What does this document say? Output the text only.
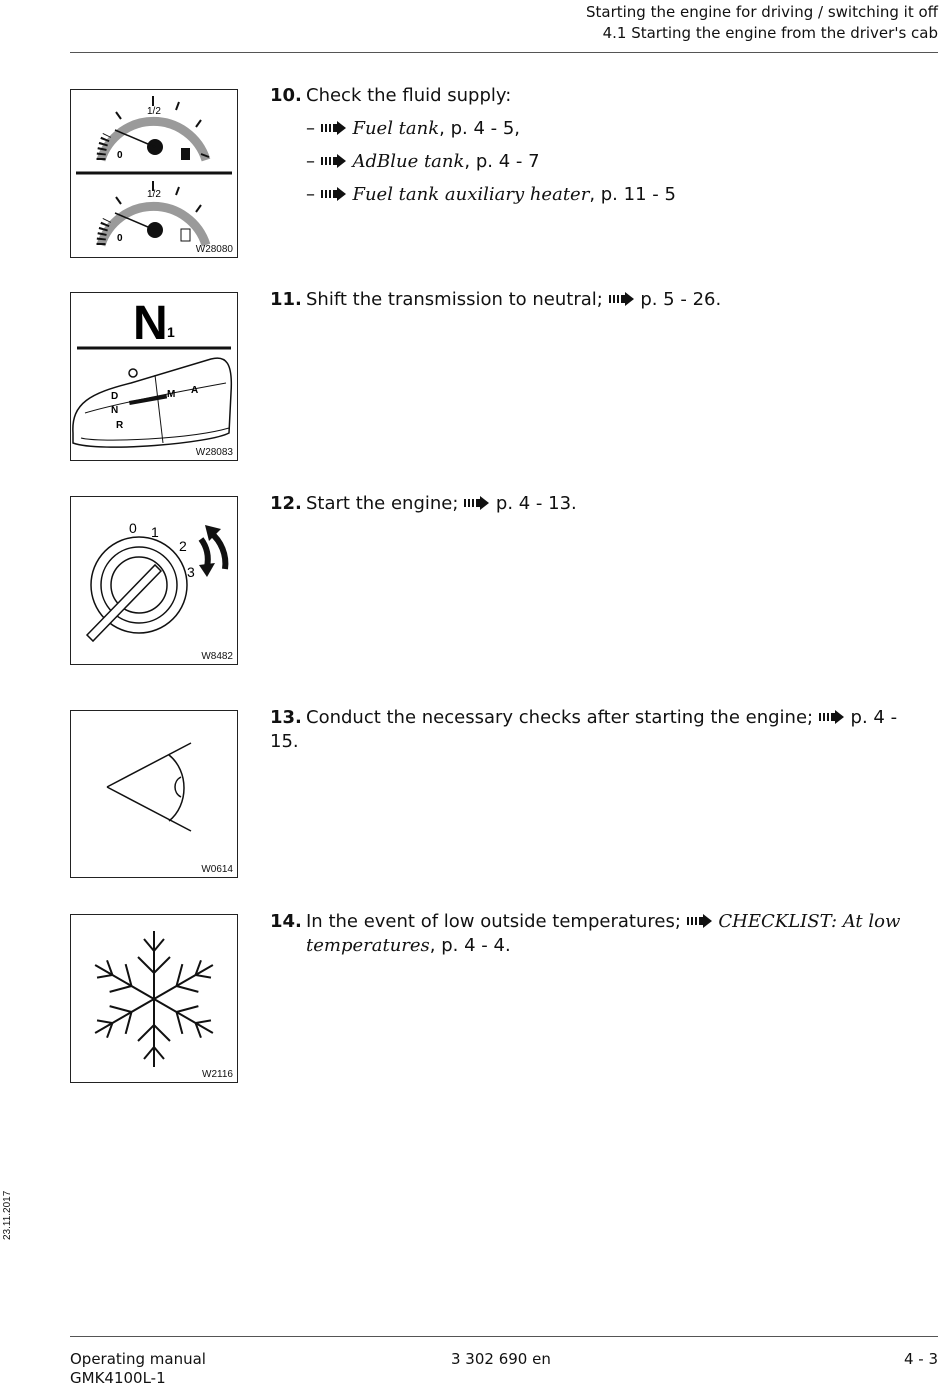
Starting the engine for driving / switching it off
4.1 Starting the engine from the driver's cab
1/2
0
1/2
0
W28080
10. Check the fluid supply:
– Fuel tank, p. 4 - 5,
– AdBlue tank, p. 4 - 7
– Fuel tank auxiliary heater, p. 11 - 5
N 1
D
N
R
M A
W28083
11. Shift the transmission to neutral; p. 5 - 26.
0 1
2
3
W8482
12. Start the engine; p. 4 - 13.
W0614
13. Conduct the necessary checks after starting the engine; p. 4 - 15.
W2116
14. In the event of low outside temperatures; CHECKLIST: At low
temperatures, p. 4 - 4.
23.11.2017
Operating manual
GMK4100L-1
3 302 690 en	4 - 3
